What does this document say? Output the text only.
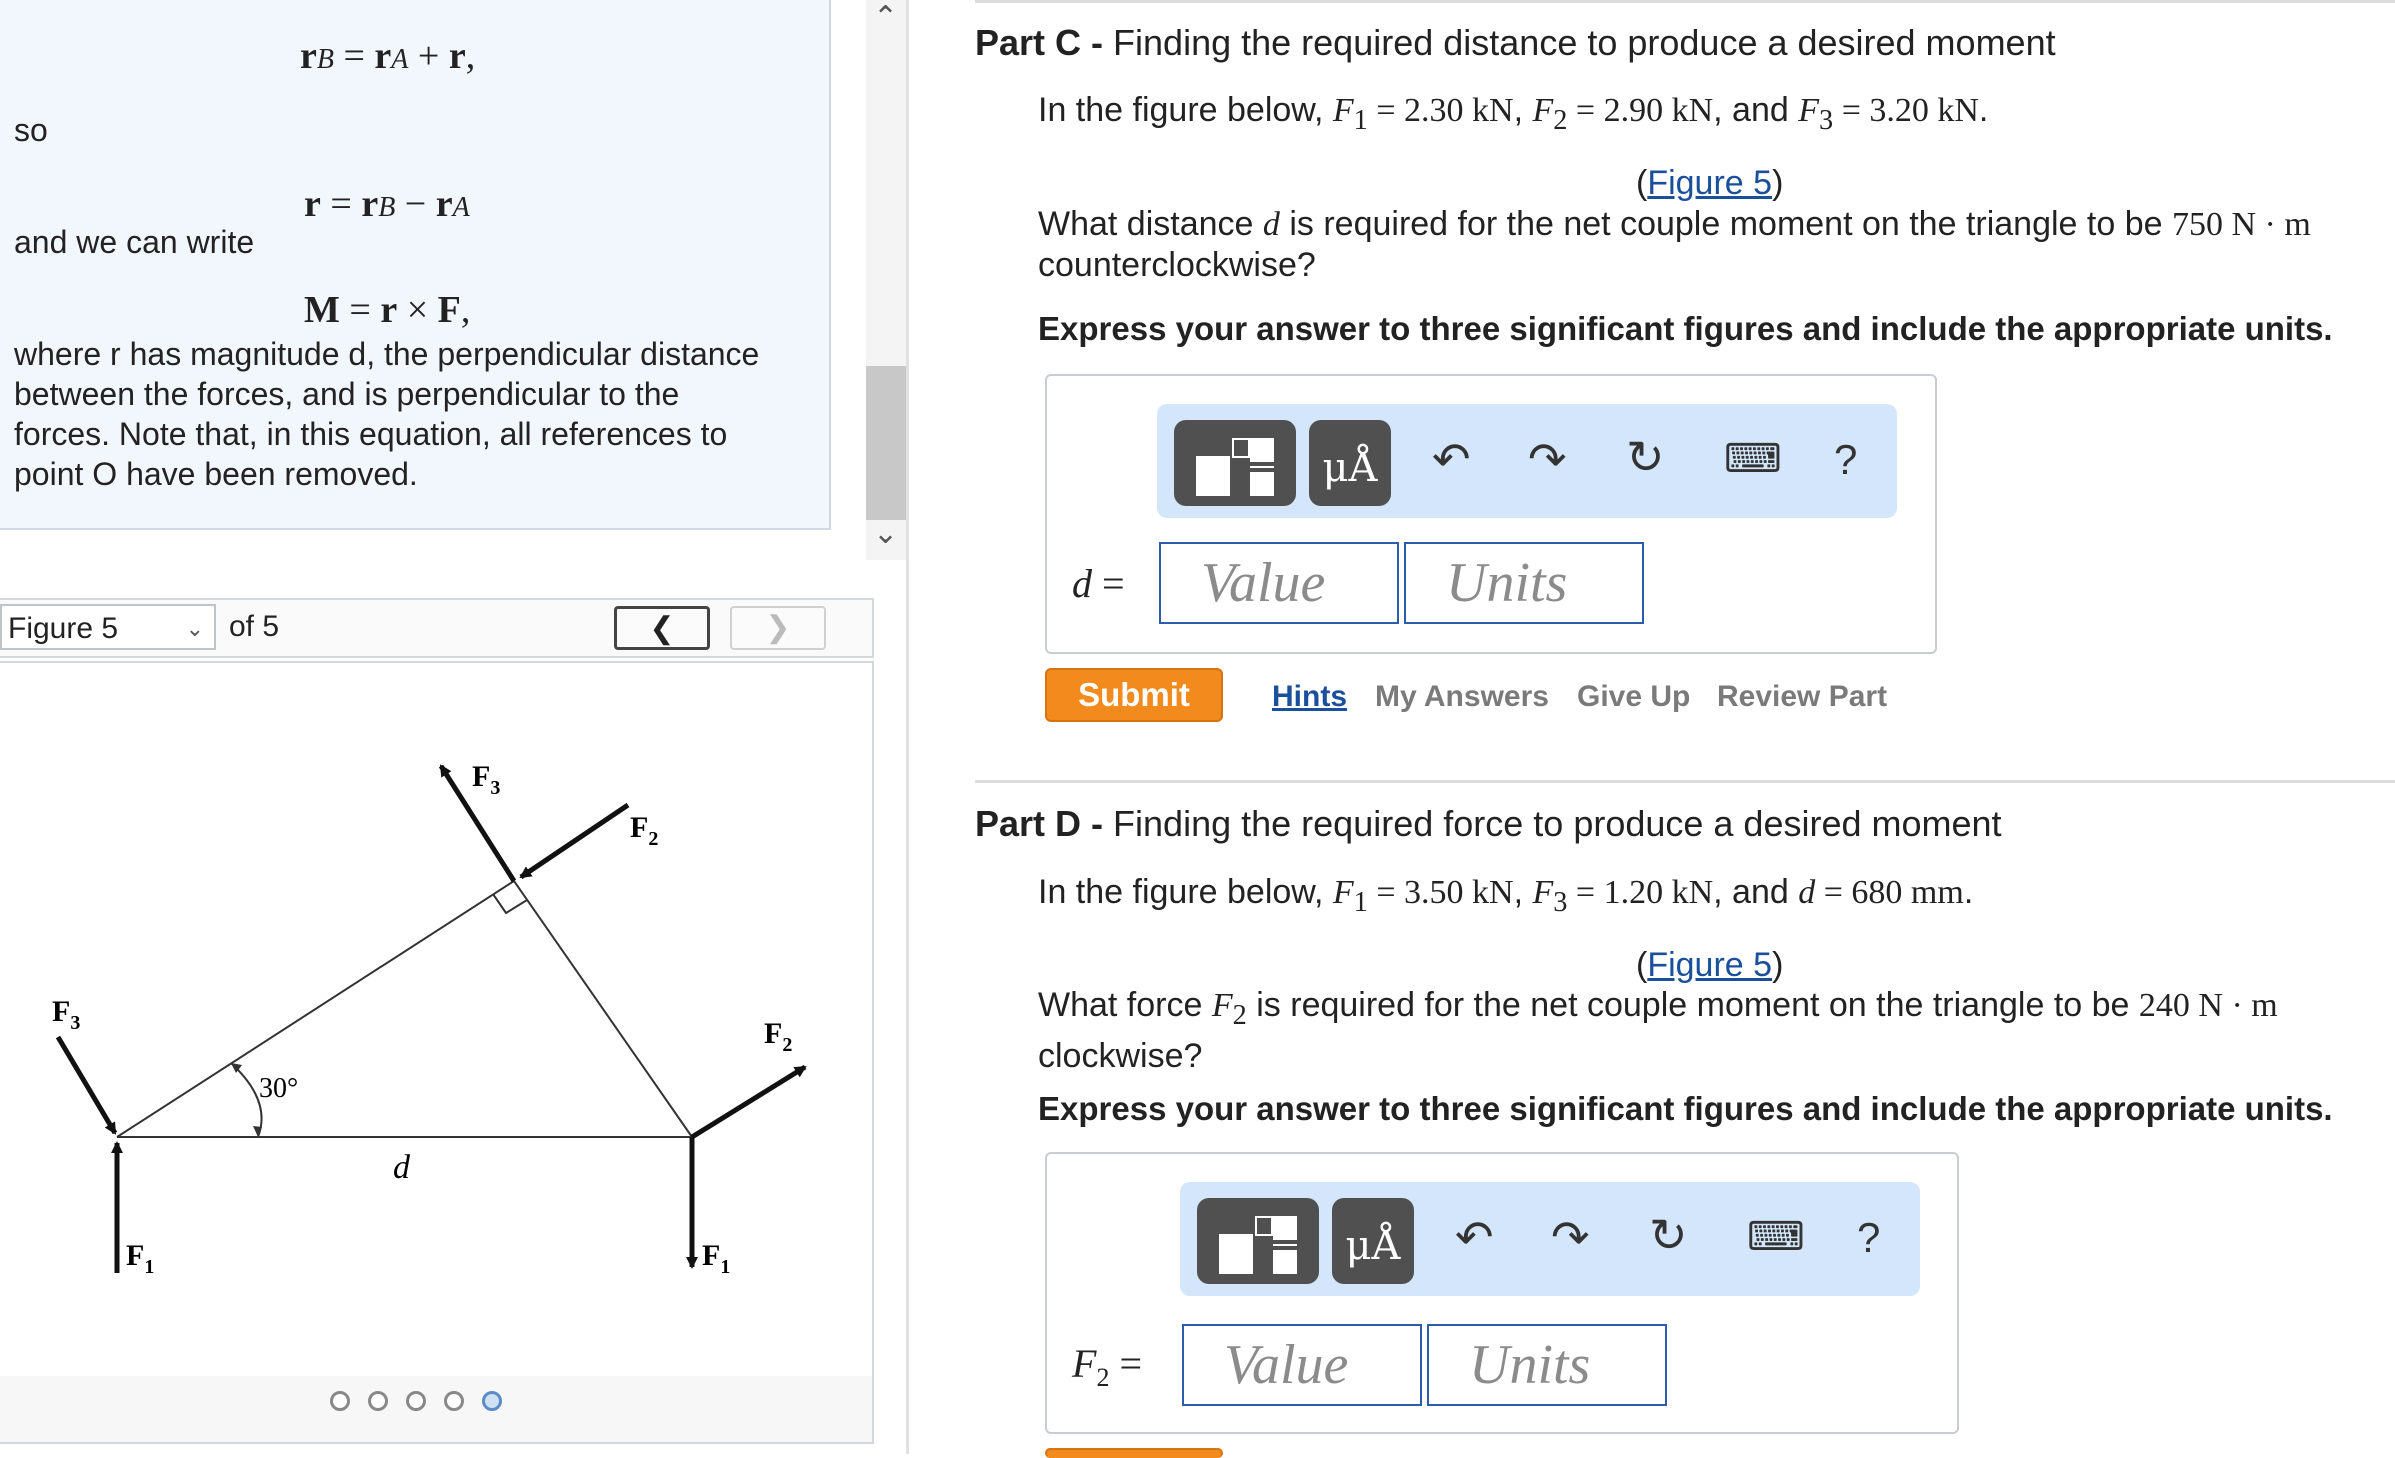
rB = rA + r,
so
r = rB − rA
and we can write
M = r × F,
where r has magnitude d, the perpendicular distance
between the forces, and is perpendicular to the
forces. Note that, in this equation, all references to
point O have been removed.
⌃
⌄
Figure 5	⌄ of 5	❮	❯
$F_3$
$F_2$
$F_3$	$F_2$
$F_1$	$F_1$
30°
d
Part C - Finding the required distance to produce a desired moment
In the figure below, $F_1 = 2.30$ kN, $F_2 = 2.90$ kN, and $F_3 = 3.20$ kN.
(Figure 5)
What distance d is required for the net couple moment on the triangle to be 750 N · m
counterclockwise?
Express your answer to three significant figures and include the appropriate units.
μÅ ↶ ↷ ↻ ⌨ ?
d =	Value	Units
Submit	Hints My Answers Give Up Review Part
Part D - Finding the required force to produce a desired moment
In the figure below, $F_1 = 3.50$ kN, $F_3 = 1.20$ kN, and d = 680 mm.
(Figure 5)
What force $F_2$ is required for the net couple moment on the triangle to be 240 N · m
clockwise?
Express your answer to three significant figures and include the appropriate units.
μÅ ↶ ↷ ↻ ⌨ ?
$F_2$ =	Value	Units
